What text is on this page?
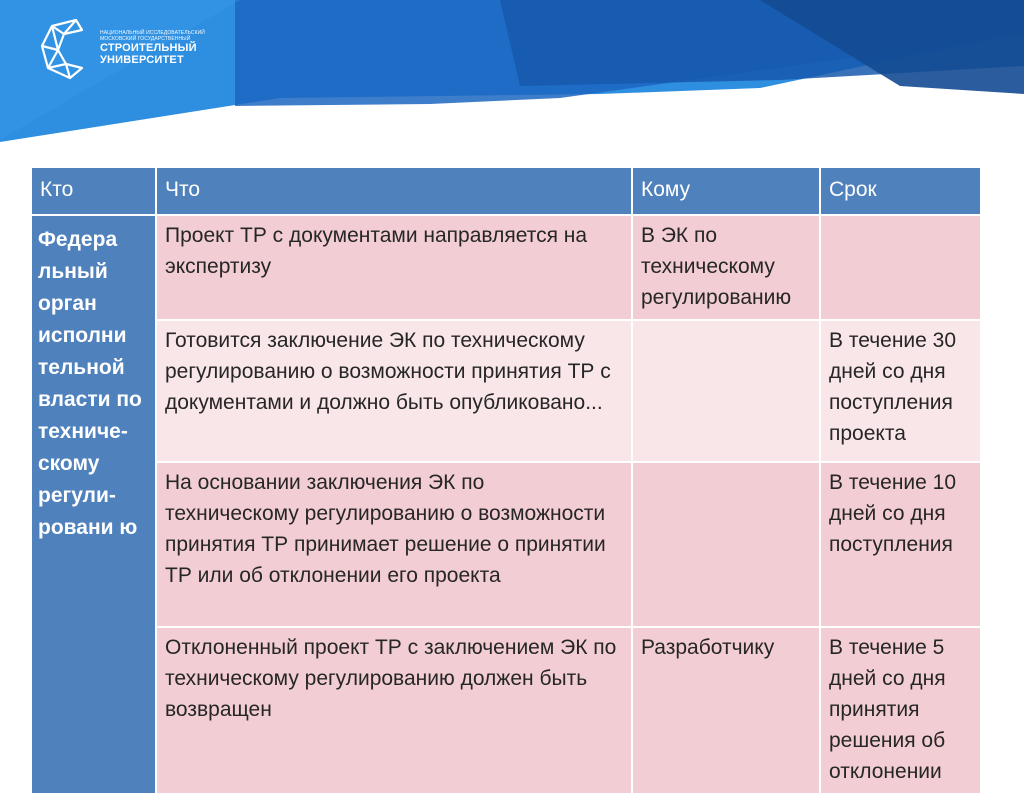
НАЦИОНАЛЬНЫЙ ИССЛЕДОВАТЕЛЬСКИЙ
МОСКОВСКИЙ ГОСУДАРСТВЕННЫЙ
СТРОИТЕЛЬНЫЙ
УНИВЕРСИТЕТ
Кто	Что	Кому	Срок
Федера льный орган исполни тельной власти по техниче- скому регули- ровани ю	Проект ТР с документами направляется на экспертизу	В ЭК по техническому регулированию	
	Готовится заключение ЭК по техническому регулированию о возможности принятия ТР с документами и должно быть опубликовано...		В течение 30 дней со дня поступления проекта
	На основании заключения ЭК по техническому регулированию о возможности принятия ТР принимает решение о принятии ТР или об отклонении его проекта		В течение 10 дней со дня поступления
	Отклоненный проект ТР с заключением ЭК по техническому регулированию должен быть возвращен	Разработчику	В течение 5 дней со дня принятия решения об отклонении
